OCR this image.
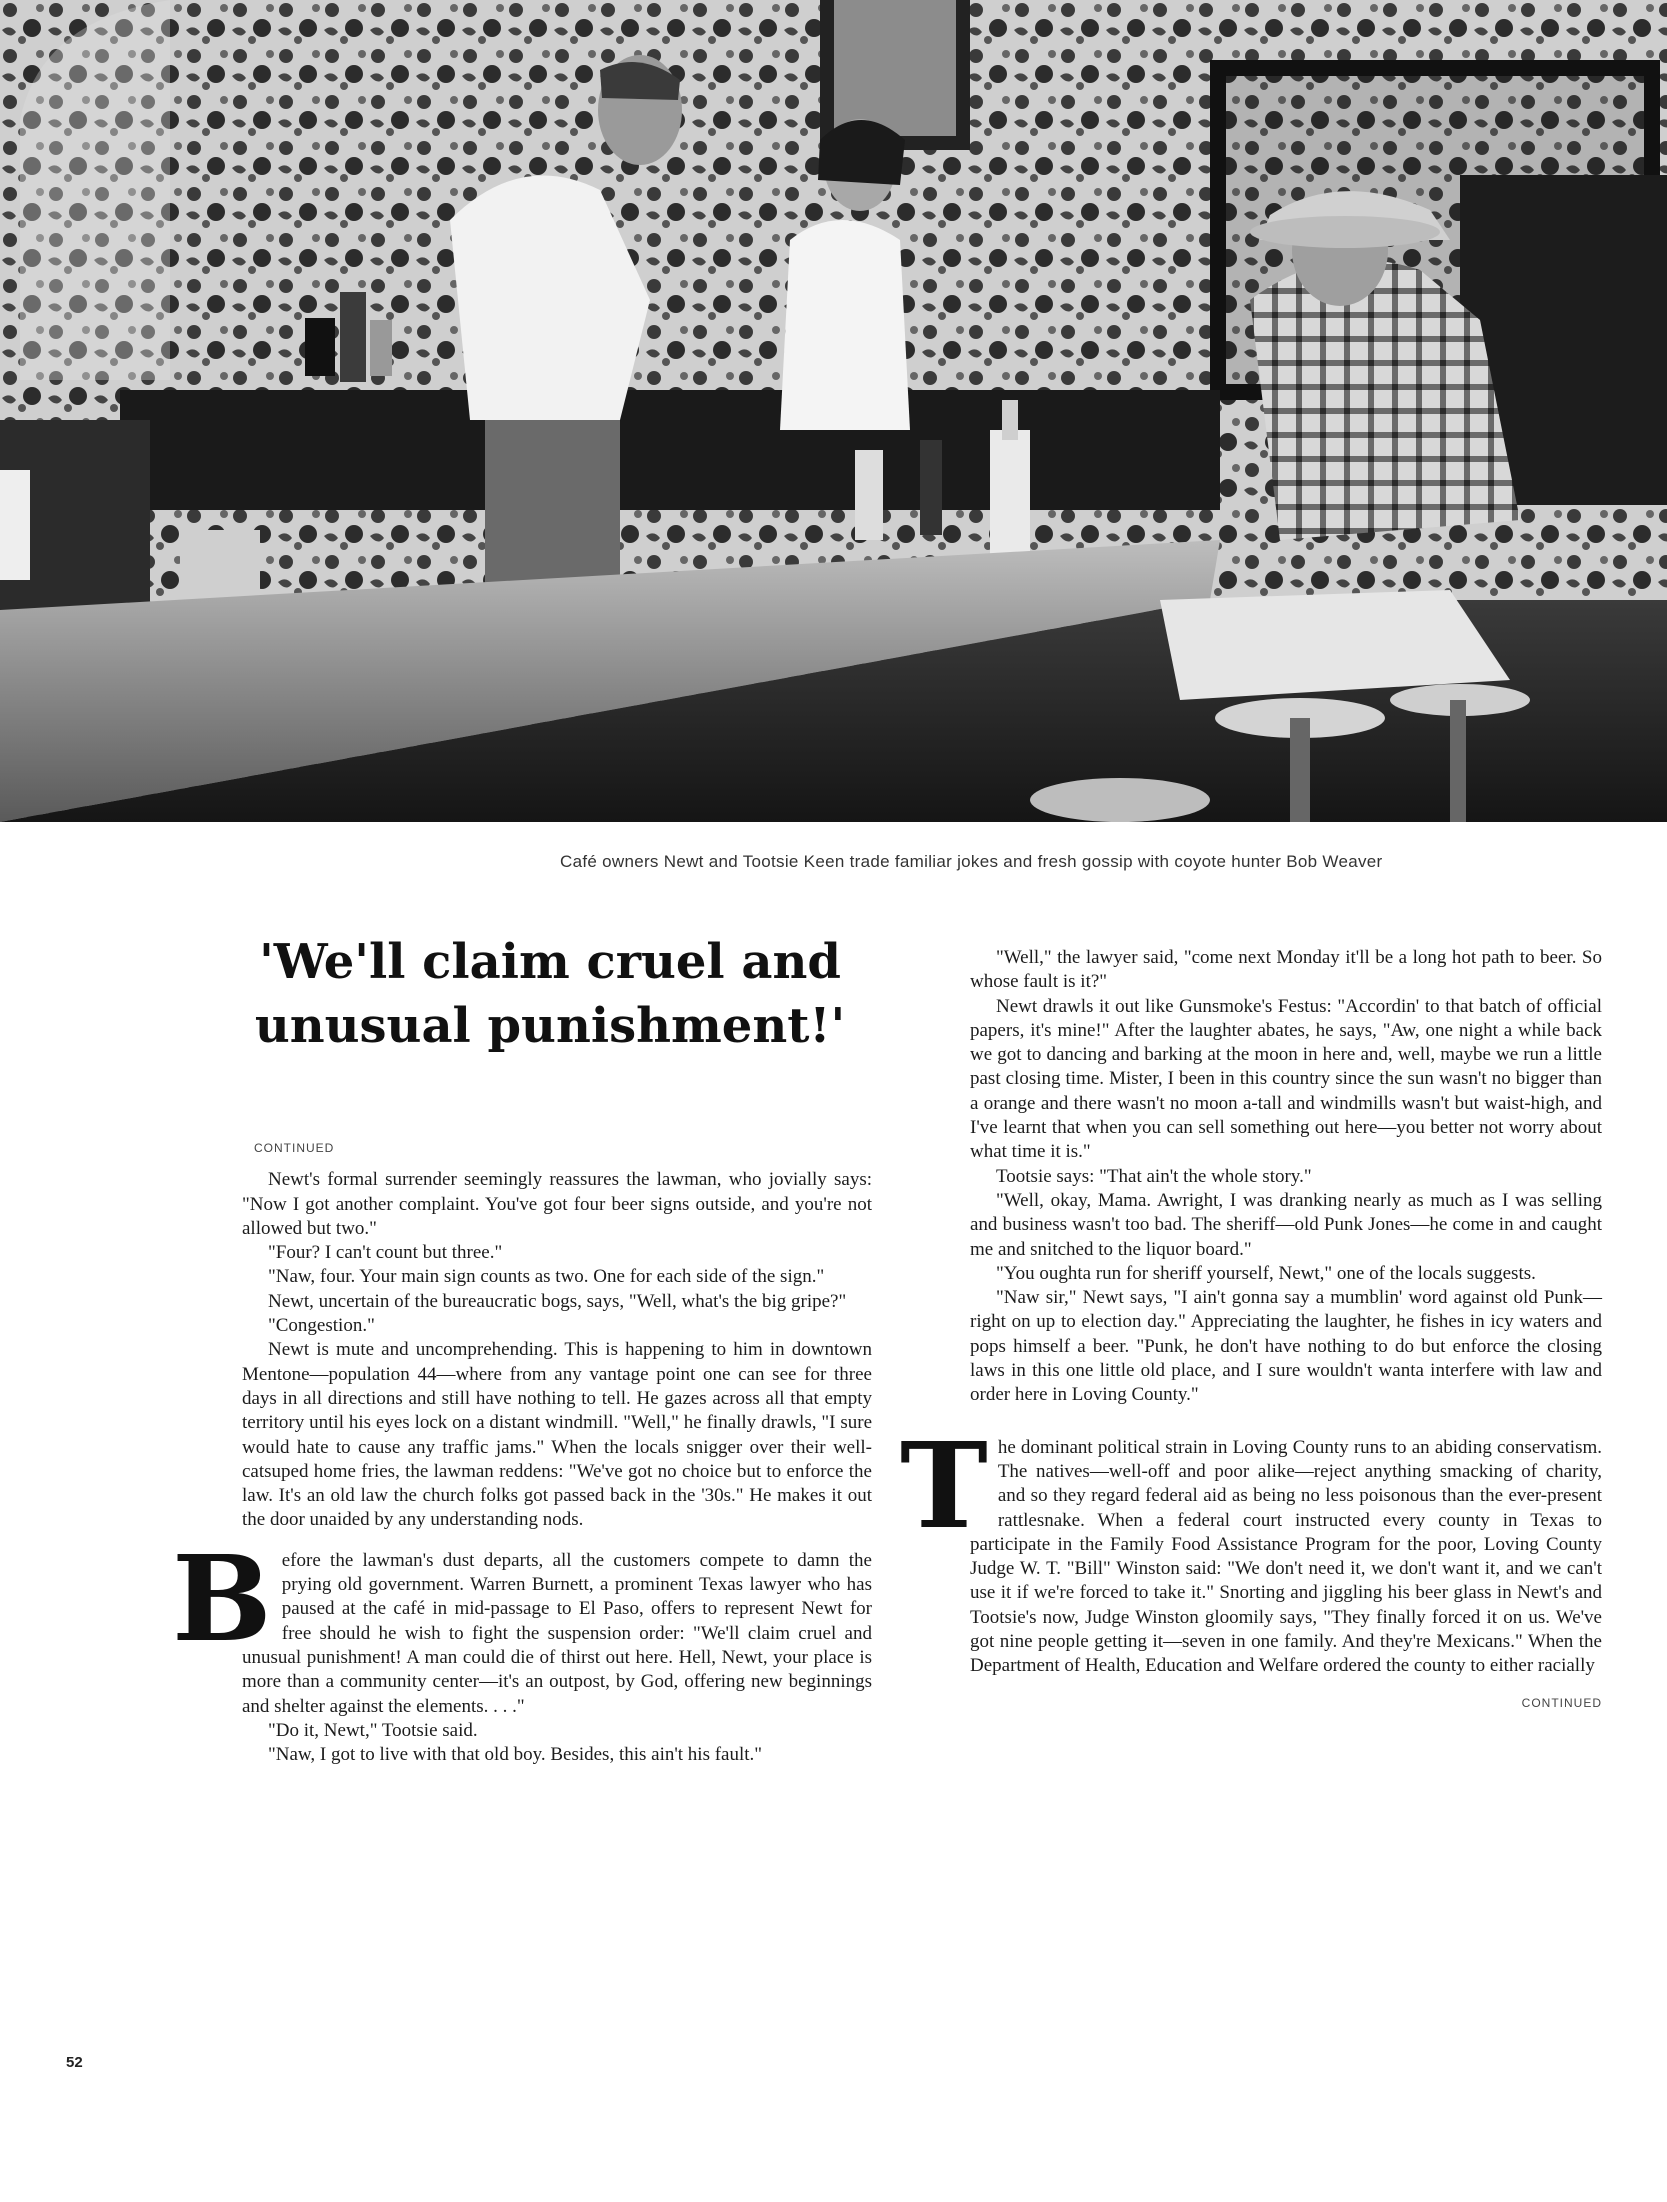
Café owners Newt and Tootsie Keen trade familiar jokes and fresh gossip with coyote hunter Bob Weaver
'We'll claim cruel and unusual punishment!'
CONTINUED

Newt's formal surrender seemingly reassures the lawman, who jovially says: "Now I got another complaint. You've got four beer signs outside, and you're not allowed but two."

"Four? I can't count but three."

"Naw, four. Your main sign counts as two. One for each side of the sign."

Newt, uncertain of the bureaucratic bogs, says, "Well, what's the big gripe?"

"Congestion."

Newt is mute and uncomprehending. This is happening to him in downtown Mentone—population 44—where from any vantage point one can see for three days in all directions and still have nothing to tell. He gazes across all that empty territory until his eyes lock on a distant windmill. "Well," he finally drawls, "I sure would hate to cause any traffic jams." When the locals snigger over their well-catsuped home fries, the lawman reddens: "We've got no choice but to enforce the law. It's an old law the church folks got passed back in the '30s." He makes it out the door unaided by any understanding nods.

Before the lawman's dust departs, all the customers compete to damn the prying old government. Warren Burnett, a prominent Texas lawyer who has paused at the café in mid-passage to El Paso, offers to represent Newt for free should he wish to fight the suspension order: "We'll claim cruel and unusual punishment! A man could die of thirst out here. Hell, Newt, your place is more than a community center—it's an outpost, by God, offering new beginnings and shelter against the elements. . . ."

"Do it, Newt," Tootsie said.

"Naw, I got to live with that old boy. Besides, this ain't his fault."

"Well," the lawyer said, "come next Monday it'll be a long hot path to beer. So whose fault is it?"

Newt drawls it out like Gunsmoke's Festus: "Accordin' to that batch of official papers, it's mine!" After the laughter abates, he says, "Aw, one night a while back we got to dancing and barking at the moon in here and, well, maybe we run a little past closing time. Mister, I been in this country since the sun wasn't no bigger than a orange and there wasn't no moon a-tall and windmills wasn't but waist-high, and I've learnt that when you can sell something out here—you better not worry about what time it is."

Tootsie says: "That ain't the whole story."

"Well, okay, Mama. Awright, I was dranking nearly as much as I was selling and business wasn't too bad. The sheriff—old Punk Jones—he come in and caught me and snitched to the liquor board."

"You oughta run for sheriff yourself, Newt," one of the locals suggests.

"Naw sir," Newt says, "I ain't gonna say a mumblin' word against old Punk—right on up to election day." Appreciating the laughter, he fishes in icy waters and pops himself a beer. "Punk, he don't have nothing to do but enforce the closing laws in this one little old place, and I sure wouldn't wanta interfere with law and order here in Loving County."

The dominant political strain in Loving County runs to an abiding conservatism. The natives—well-off and poor alike—reject anything smacking of charity, and so they regard federal aid as being no less poisonous than the ever-present rattlesnake. When a federal court instructed every county in Texas to participate in the Family Food Assistance Program for the poor, Loving County Judge W. T. "Bill" Winston said: "We don't need it, we don't want it, and we can't use it if we're forced to take it." Snorting and jiggling his beer glass in Newt's and Tootsie's now, Judge Winston gloomily says, "They finally forced it on us. We've got nine people getting it—seven in one family. And they're Mexicans." When the Department of Health, Education and Welfare ordered the county to either racially

CONTINUED
52
